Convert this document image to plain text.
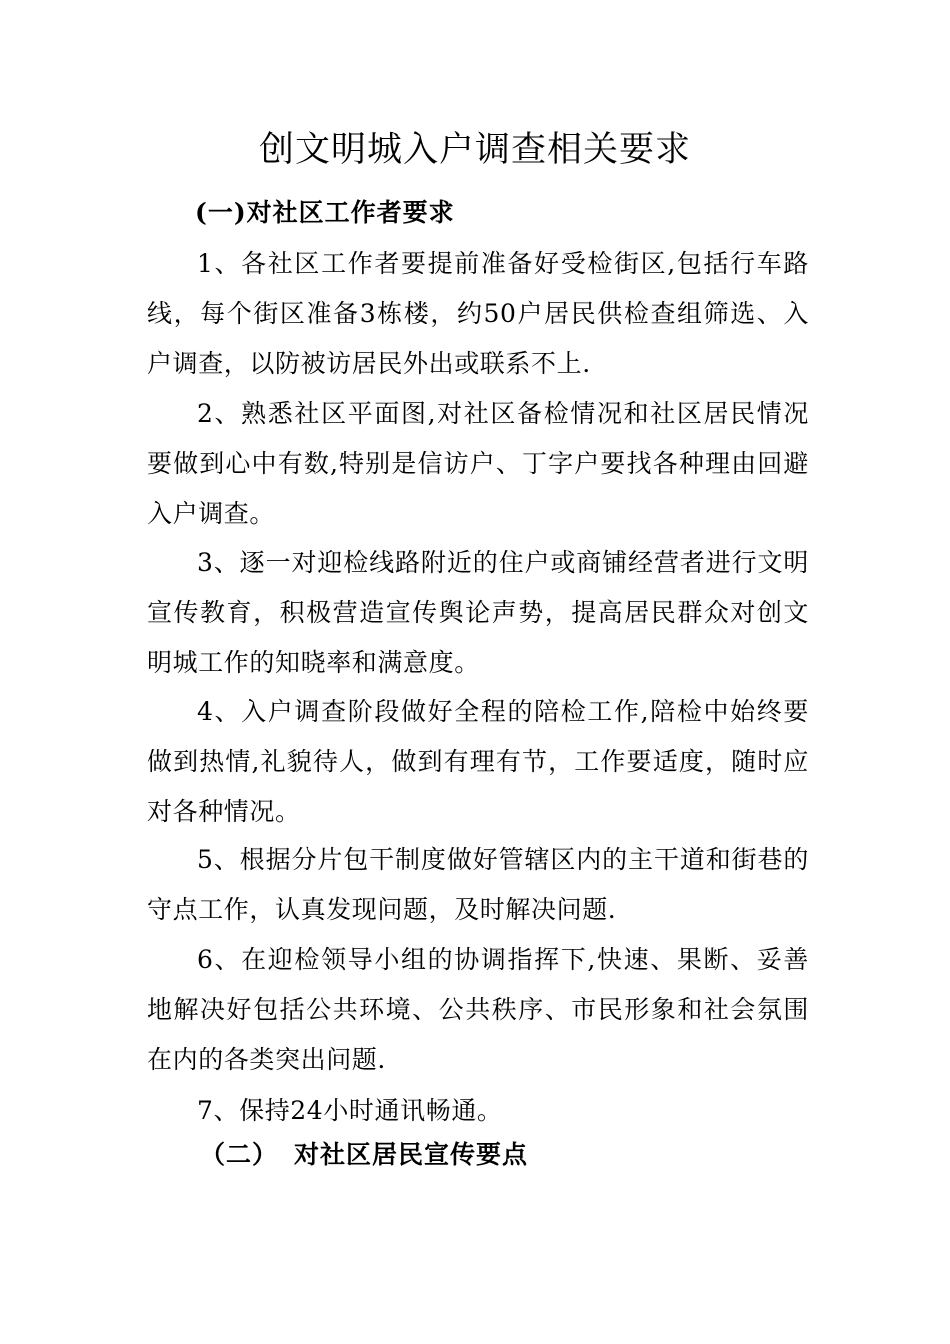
创文明城入户调查相关要求
(一)对社区工作者要求

1、各社区工作者要提前准备好受检街区,包括行车路线，每个街区准备3栋楼，约50户居民供检查组筛选、入户调查，以防被访居民外出或联系不上.

2、熟悉社区平面图,对社区备检情况和社区居民情况要做到心中有数,特别是信访户、丁字户要找各种理由回避入户调查。

3、逐一对迎检线路附近的住户或商铺经营者进行文明宣传教育，积极营造宣传舆论声势，提高居民群众对创文明城工作的知晓率和满意度。

4、入户调查阶段做好全程的陪检工作,陪检中始终要做到热情,礼貌待人，做到有理有节，工作要适度，随时应对各种情况。

5、根据分片包干制度做好管辖区内的主干道和街巷的守点工作，认真发现问题，及时解决问题.

6、在迎检领导小组的协调指挥下,快速、果断、妥善地解决好包括公共环境、公共秩序、市民形象和社会氛围在内的各类突出问题.

7、保持24小时通讯畅通。

（二） 对社区居民宣传要点
